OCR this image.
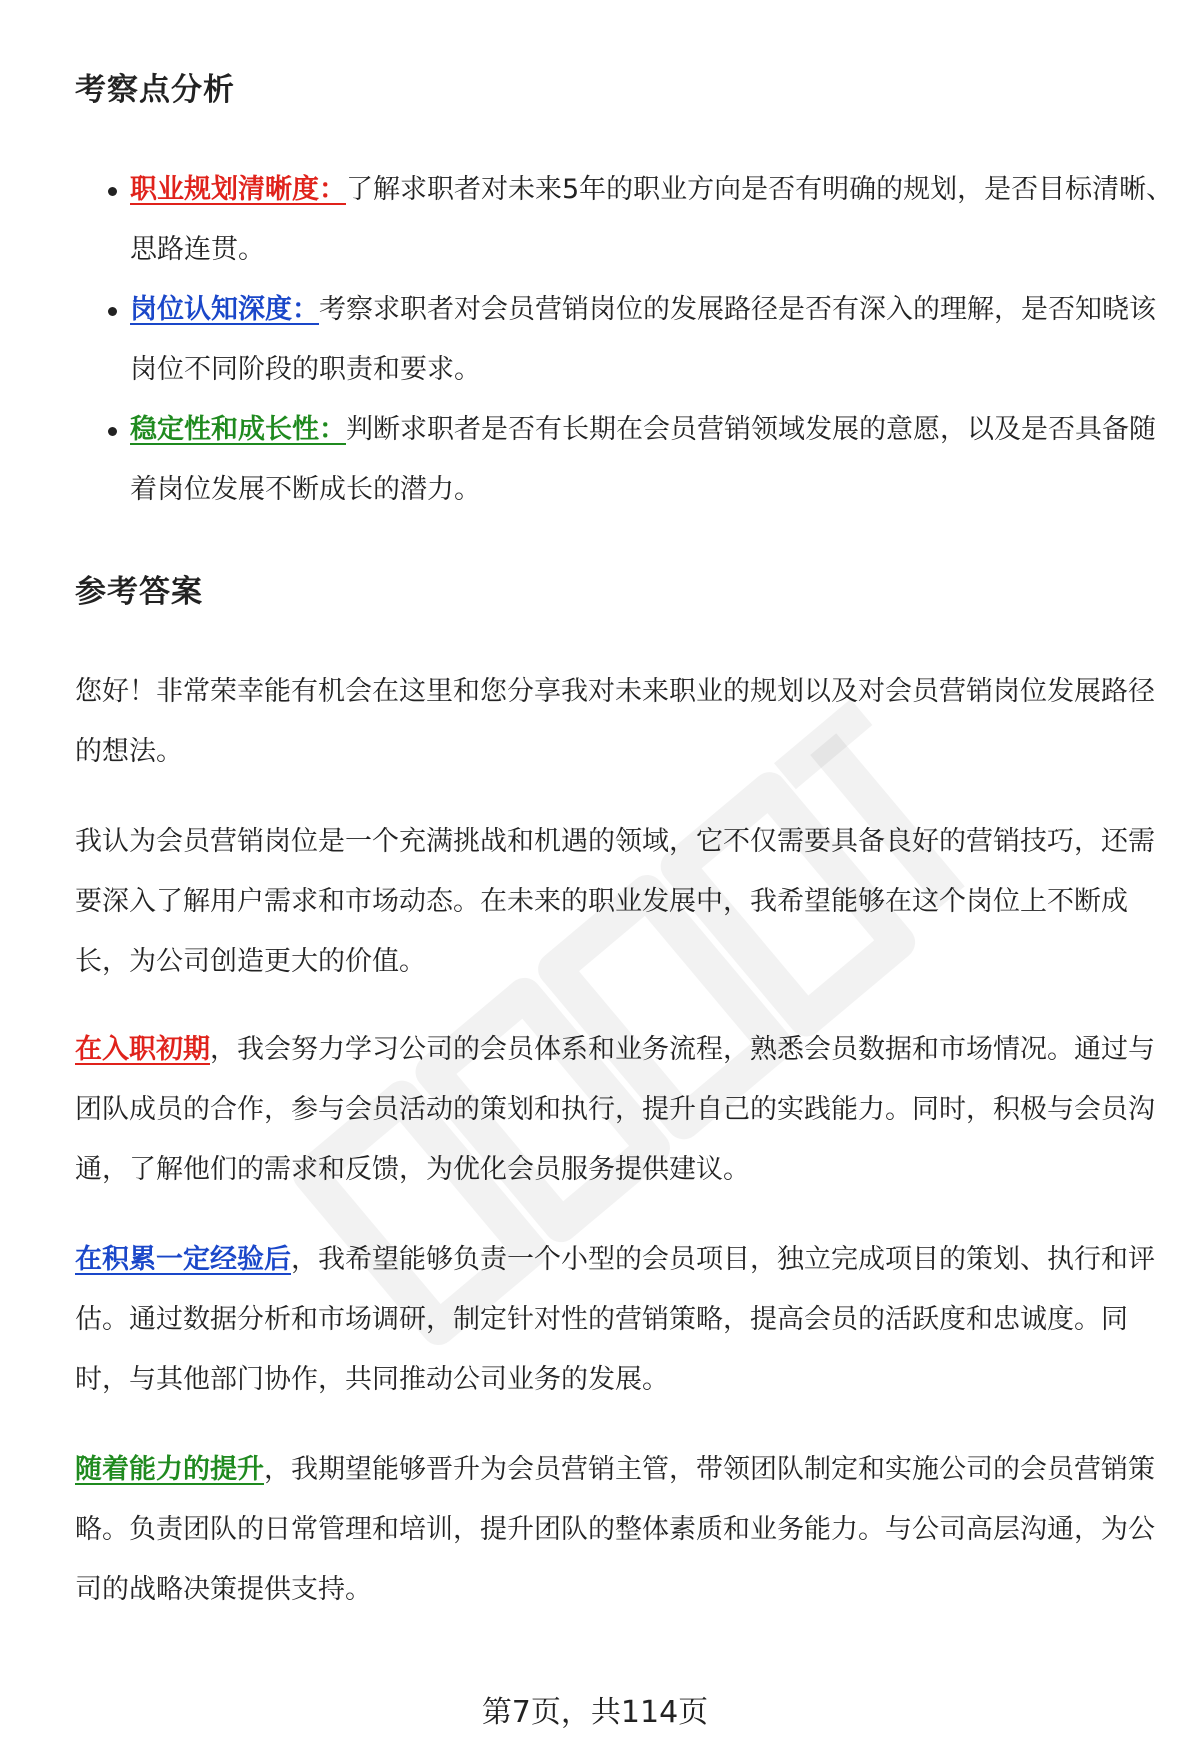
考察点分析
职业规划清晰度：了解求职者对未来5年的职业方向是否有明确的规划，是否目标清晰、思路连贯。
岗位认知深度：考察求职者对会员营销岗位的发展路径是否有深入的理解，是否知晓该岗位不同阶段的职责和要求。
稳定性和成长性：判断求职者是否有长期在会员营销领域发展的意愿，以及是否具备随着岗位发展不断成长的潜力。
参考答案

您好！非常荣幸能有机会在这里和您分享我对未来职业的规划以及对会员营销岗位发展路径的想法。

我认为会员营销岗位是一个充满挑战和机遇的领域，它不仅需要具备良好的营销技巧，还需要深入了解用户需求和市场动态。在未来的职业发展中，我希望能够在这个岗位上不断成长，为公司创造更大的价值。

在入职初期，我会努力学习公司的会员体系和业务流程，熟悉会员数据和市场情况。通过与团队成员的合作，参与会员活动的策划和执行，提升自己的实践能力。同时，积极与会员沟通，了解他们的需求和反馈，为优化会员服务提供建议。

在积累一定经验后，我希望能够负责一个小型的会员项目，独立完成项目的策划、执行和评估。通过数据分析和市场调研，制定针对性的营销策略，提高会员的活跃度和忠诚度。同时，与其他部门协作，共同推动公司业务的发展。

随着能力的提升，我期望能够晋升为会员营销主管，带领团队制定和实施公司的会员营销策略。负责团队的日常管理和培训，提升团队的整体素质和业务能力。与公司高层沟通，为公司的战略决策提供支持。

第7页，共114页
